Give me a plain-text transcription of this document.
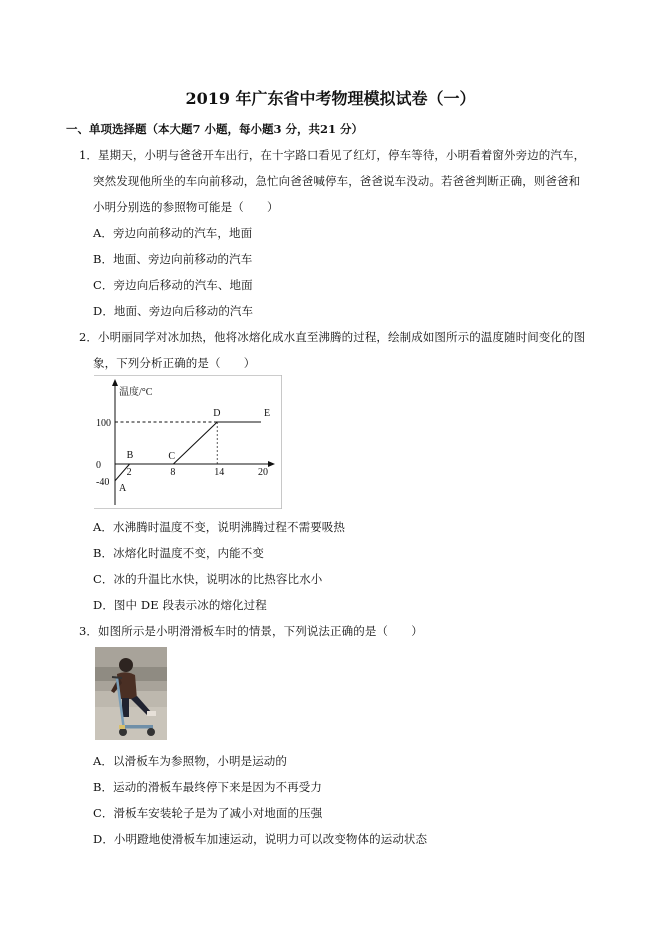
2019 年广东省中考物理模拟试卷（一）
一、单项选择题（本大题7 小题，每小题3 分，共21 分）
1．星期天，小明与爸爸开车出行，在十字路口看见了红灯，停车等待，小明看着窗外旁边的汽车，
突然发现他所坐的车向前移动，急忙向爸爸喊停车，爸爸说车没动。若爸爸判断正确，则爸爸和
小明分别选的参照物可能是（　　）
A．旁边向前移动的汽车，地面
B．地面、旁边向前移动的汽车
C．旁边向后移动的汽车、地面
D．地面、旁边向后移动的汽车
2．小明丽同学对冰加热，他将冰熔化成水直至沸腾的过程，绘制成如图所示的温度随时间变化的图
象，下列分析正确的是（　　）
温度/°C
A
B	C
D	E
2	8	14	20
100
0
-40
A．水沸腾时温度不变，说明沸腾过程不需要吸热
B．冰熔化时温度不变，内能不变
C．冰的升温比水快，说明冰的比热容比水小
D．图中 DE 段表示冰的熔化过程
3．如图所示是小明滑滑板车时的情景，下列说法正确的是（　　）
A．以滑板车为参照物，小明是运动的
B．运动的滑板车最终停下来是因为不再受力
C．滑板车安装轮子是为了减小对地面的压强
D．小明蹬地使滑板车加速运动，说明力可以改变物体的运动状态
